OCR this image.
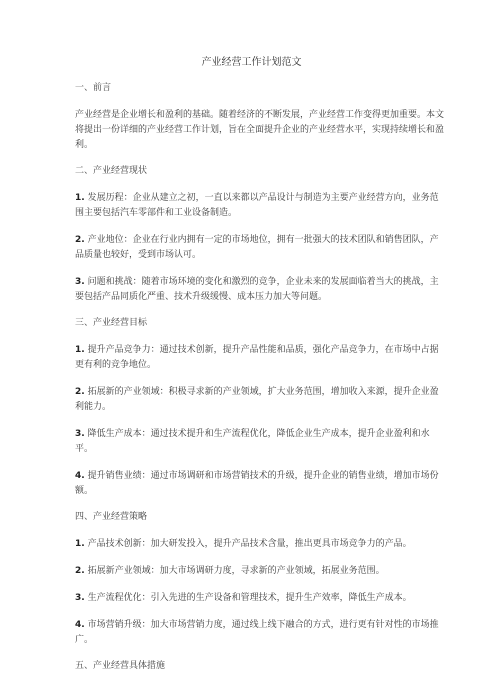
产业经营工作计划范文
一、前言
产业经营是企业增长和盈利的基础。随着经济的不断发展，产业经营工作变得更加重要。本文将提出一份详细的产业经营工作计划，旨在全面提升企业的产业经营水平，实现持续增长和盈利。
二、产业经营现状
1. 发展历程：企业从建立之初，一直以来都以产品设计与制造为主要产业经营方向，业务范围主要包括汽车零部件和工业设备制造。
2. 产业地位：企业在行业内拥有一定的市场地位，拥有一批强大的技术团队和销售团队，产品质量也较好，受到市场认可。
3. 问题和挑战：随着市场环境的变化和激烈的竞争，企业未来的发展面临着当大的挑战，主要包括产品同质化严重、技术升级缓慢、成本压力加大等问题。
三、产业经营目标
1. 提升产品竞争力：通过技术创新，提升产品性能和品质，强化产品竞争力，在市场中占据更有利的竞争地位。
2. 拓展新的产业领域：积极寻求新的产业领域，扩大业务范围，增加收入来源，提升企业盈利能力。
3. 降低生产成本：通过技术提升和生产流程优化，降低企业生产成本，提升企业盈利和水平。
4. 提升销售业绩：通过市场调研和市场营销技术的升级，提升企业的销售业绩，增加市场份额。
四、产业经营策略
1. 产品技术创新：加大研发投入，提升产品技术含量，推出更具市场竞争力的产品。
2. 拓展新产业领域：加大市场调研力度，寻求新的产业领域，拓展业务范围。
3. 生产流程优化：引入先进的生产设备和管理技术，提升生产效率，降低生产成本。
4. 市场营销升级：加大市场营销力度，通过线上线下融合的方式，进行更有针对性的市场推广。
五、产业经营具体措施
